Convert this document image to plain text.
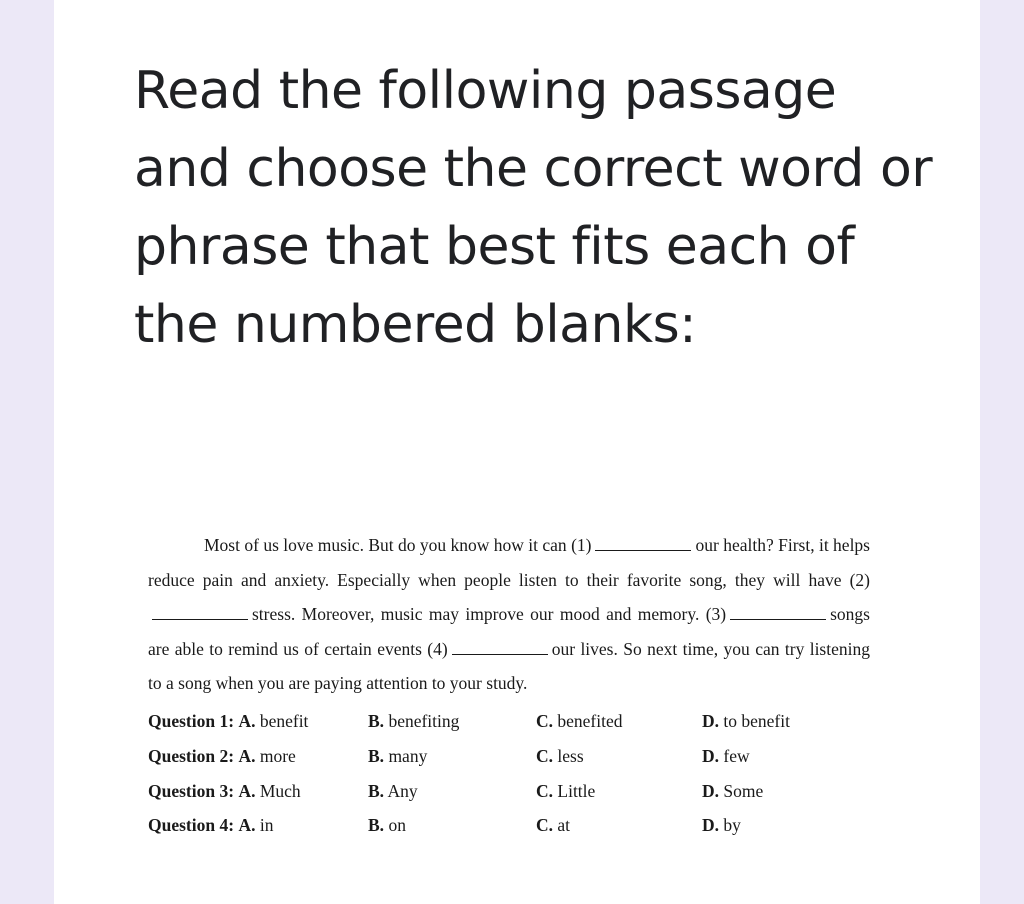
Read the following passage and choose the correct word or phrase that best fits each of the numbered blanks:

Most of us love music. But do you know how it can (1)	our health? First, it helps reduce pain and anxiety. Especially when people listen to their favorite song, they will have (2)stress. Moreover, music may improve our mood and memory. (3)	songs are able to remind us of certain events (4)	our lives. So next time, you can try listening to a song when you are paying attention to your study.

Question 1: A. benefit	B. benefiting	C. benefited	D. to benefit
Question 2: A. more	B. many	C. less	D. few
Question 3: A. Much	B. Any	C. Little	D. Some
Question 4: A. in	B. on	C. at	D. by
